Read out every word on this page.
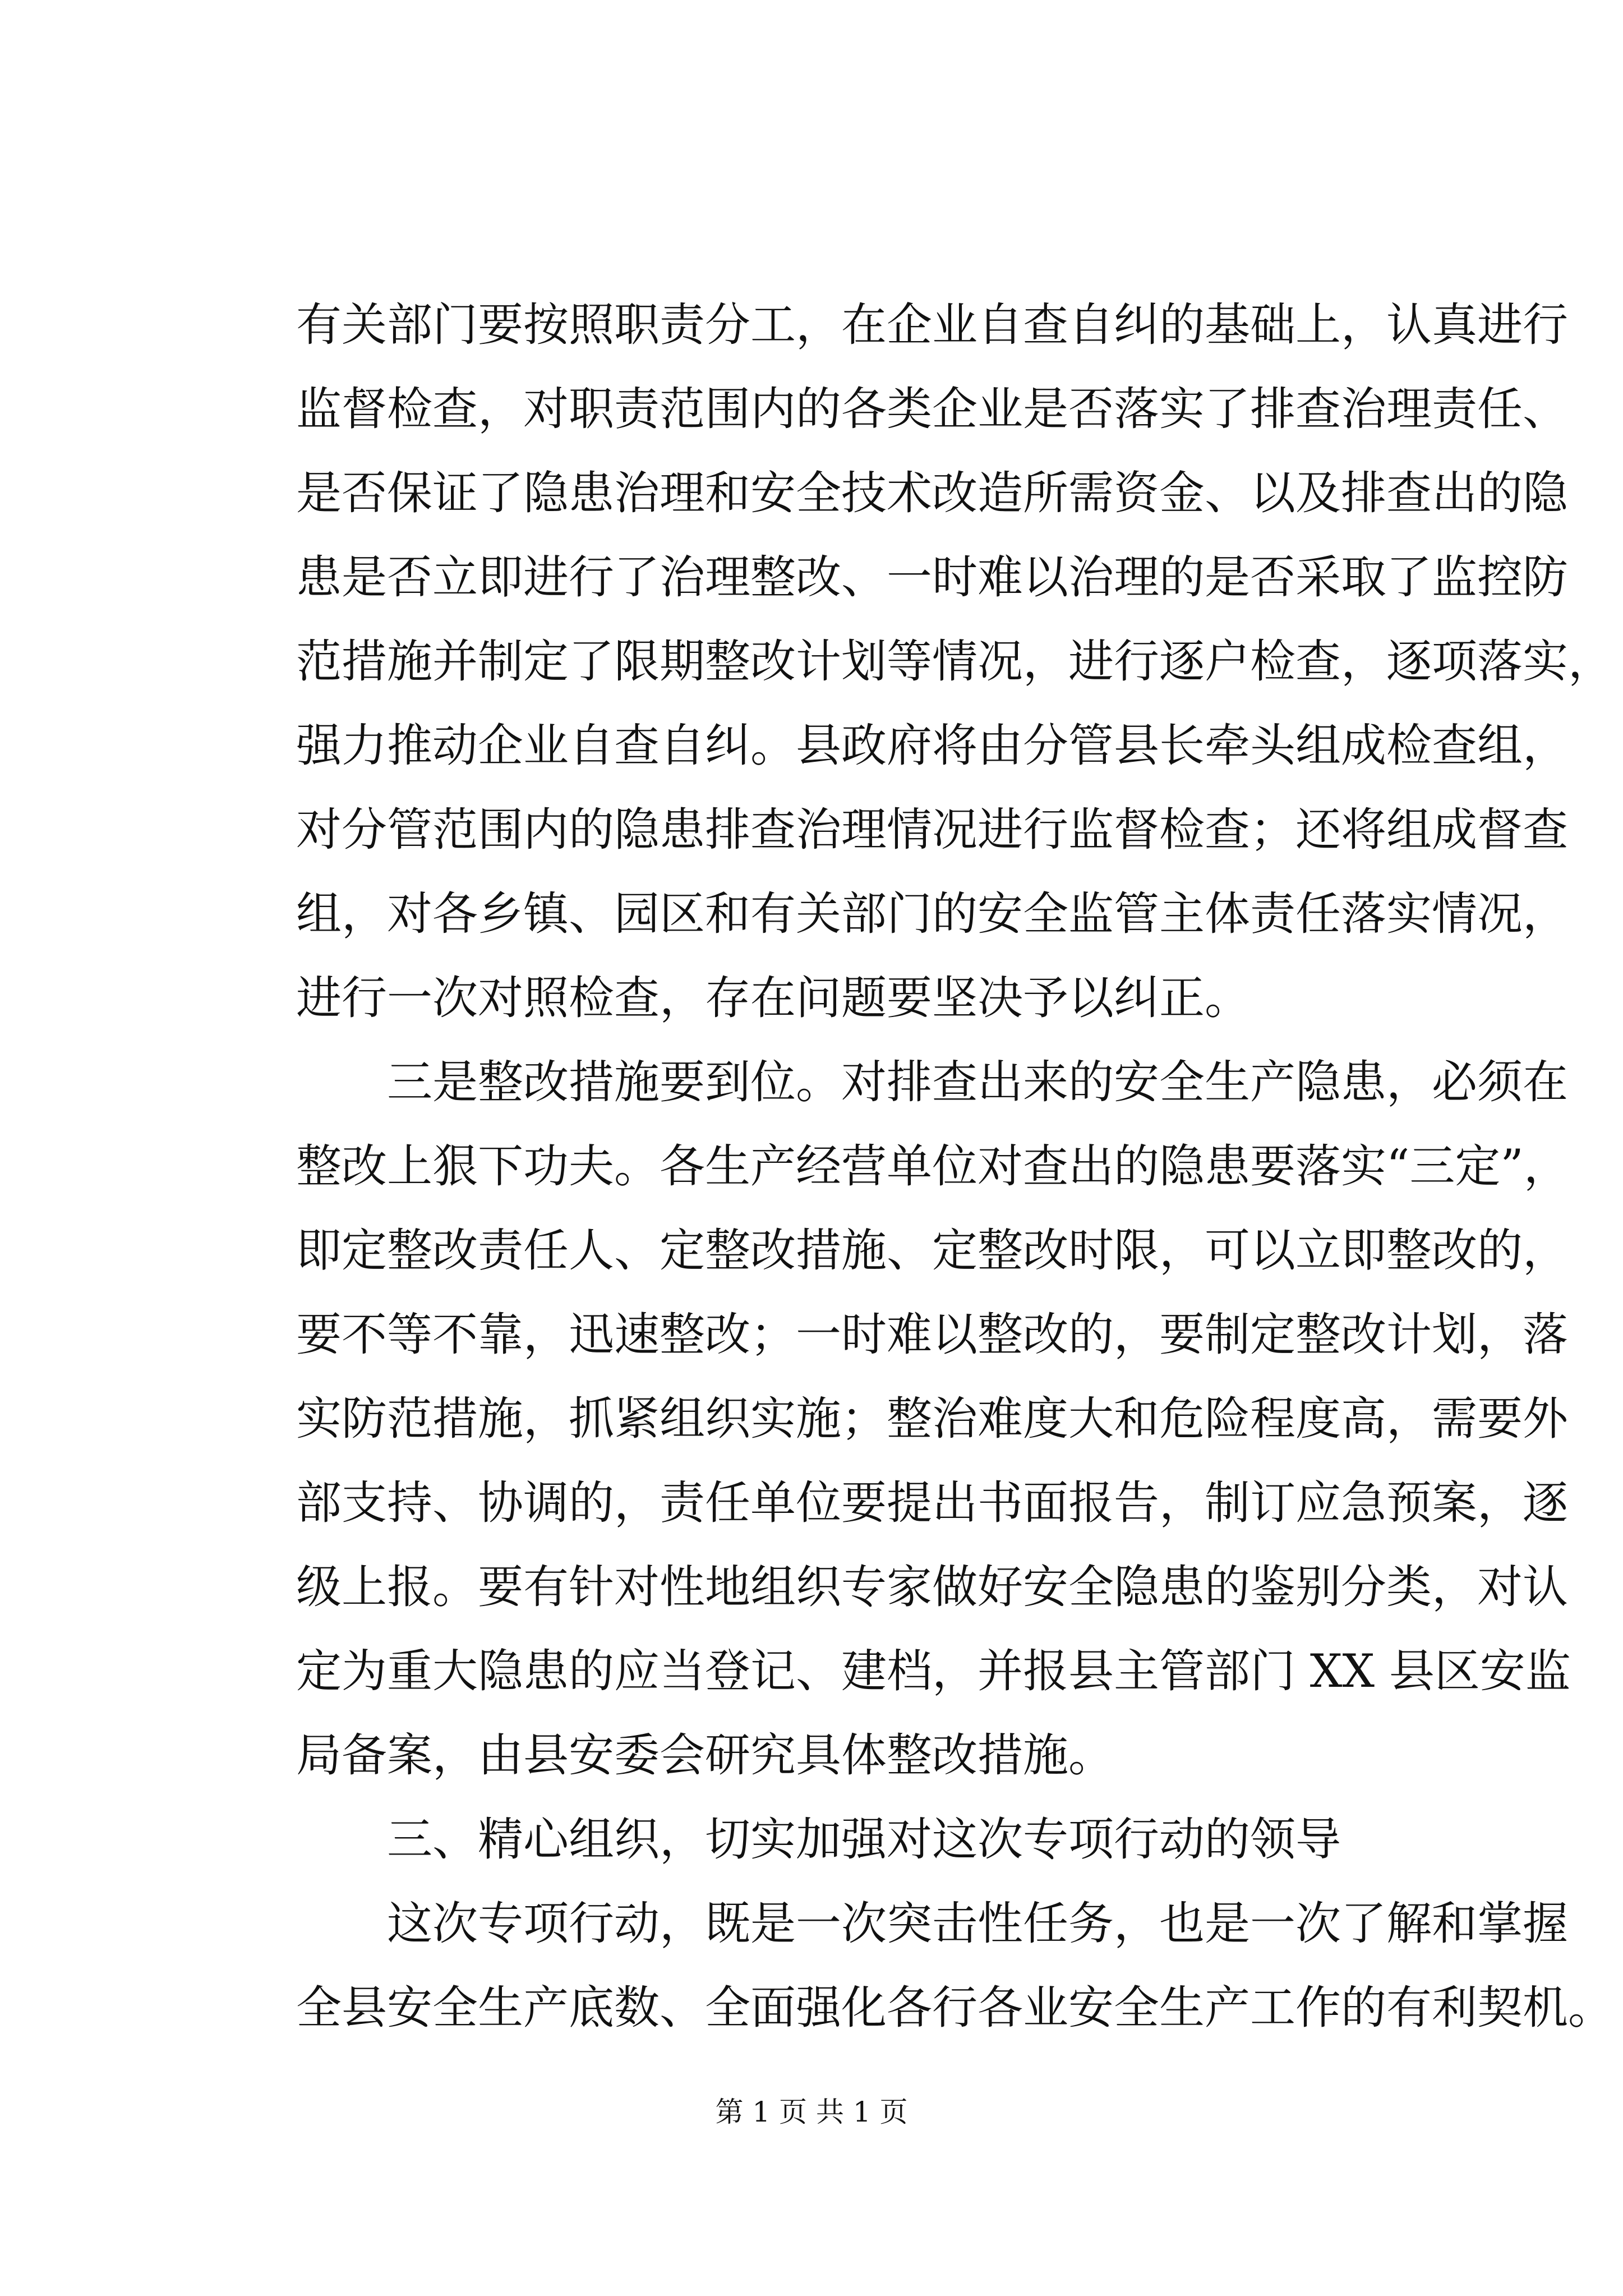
有关部门要按照职责分工，在企业自查自纠的基础上，认真进行
监督检查，对职责范围内的各类企业是否落实了排查治理责任、
是否保证了隐患治理和安全技术改造所需资金、以及排查出的隐
患是否立即进行了治理整改、一时难以治理的是否采取了监控防
范措施并制定了限期整改计划等情况，进行逐户检查，逐项落实，
强力推动企业自查自纠。县政府将由分管县长牵头组成检查组，
对分管范围内的隐患排查治理情况进行监督检查；还将组成督查
组，对各乡镇、园区和有关部门的安全监管主体责任落实情况，
进行一次对照检查，存在问题要坚决予以纠正。
　　三是整改措施要到位。对排查出来的安全生产隐患，必须在
整改上狠下功夫。各生产经营单位对查出的隐患要落实“三定”，
即定整改责任人、定整改措施、定整改时限，可以立即整改的，
要不等不靠，迅速整改；一时难以整改的，要制定整改计划，落
实防范措施，抓紧组织实施；整治难度大和危险程度高，需要外
部支持、协调的，责任单位要提出书面报告，制订应急预案，逐
级上报。要有针对性地组织专家做好安全隐患的鉴别分类，对认
定为重大隐患的应当登记、建档，并报县主管部门 XX 县区安监
局备案，由县安委会研究具体整改措施。
　　三、精心组织，切实加强对这次专项行动的领导
　　这次专项行动，既是一次突击性任务，也是一次了解和掌握
全县安全生产底数、全面强化各行各业安全生产工作的有利契机。
第 1 页 共 1 页
